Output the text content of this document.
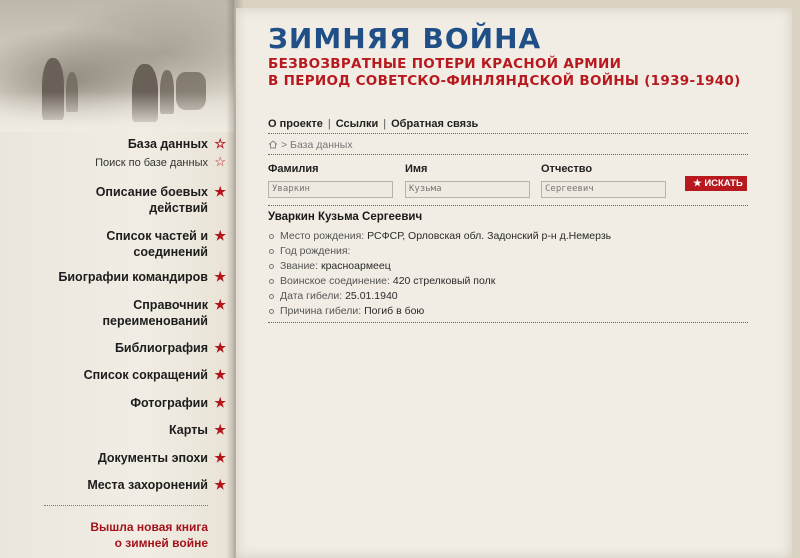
База данных ☆
Поиск по базе данных ☆
Описание боевых
действий
★
Список частей и
соединений
★
Биографии командиров ★
Справочник
переименований
★
Библиография ★
Список сокращений ★
Фотографии ★
Карты ★
Документы эпохи ★
Места захоронений ★
Вышла новая книга
о зимней войне
ЗИМНЯЯ ВОЙНА
БЕЗВОЗВРАТНЫЕ ПОТЕРИ КРАСНОЙ АРМИИ
В ПЕРИОД СОВЕТСКО-ФИНЛЯНДСКОЙ ВОЙНЫ (1939-1940)
О проекте | Ссылки | Обратная связь
> База данных
Фамилия
Уваркин	Имя
Кузьма	Отчество
Сергеевич
★ ИСКАТЬ
Уваркин Кузьма Сергеевич
Место рождения: РСФСР, Орловская обл. Задонский р-н д.Немерзь
Год рождения:
Звание: красноармеец
Воинское соединение: 420 стрелковый полк
Дата гибели: 25.01.1940
Причина гибели: Погиб в бою
